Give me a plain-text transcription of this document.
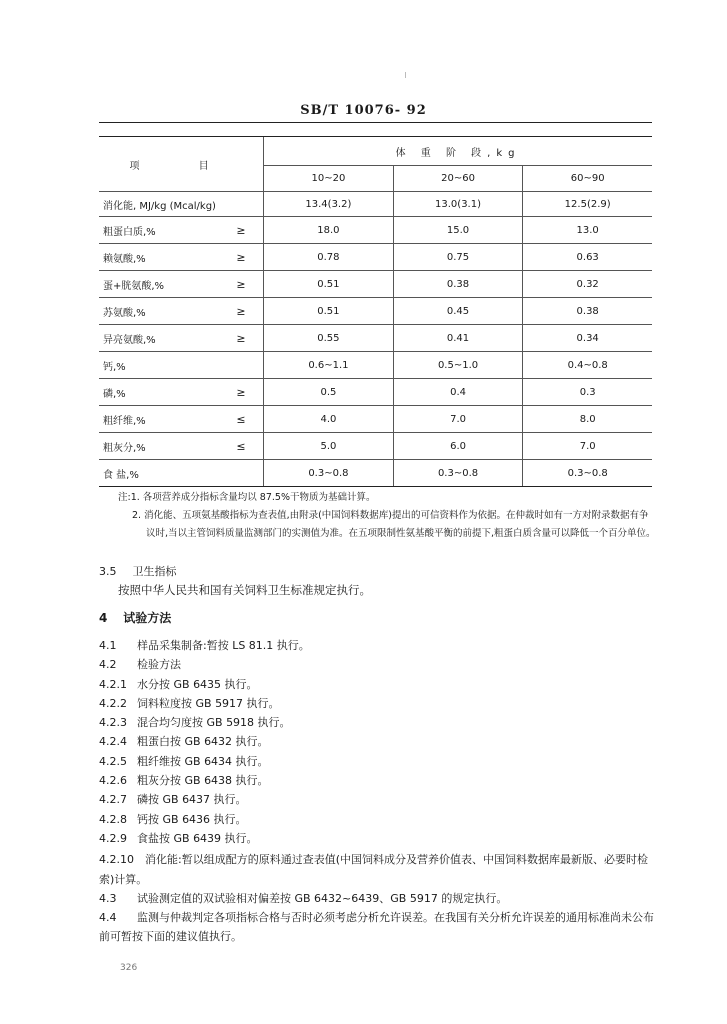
SB/T 10076- 92
项 目		体 重 阶 段,kg		
		10~20	20~60	60~90
消化能, MJ/kg (Mcal/kg)		13.4(3.2)	13.0(3.1)	12.5(2.9)
粗蛋白质,%	≥	18.0	15.0	13.0
赖氨酸,%	≥	0.78	0.75	0.63
蛋+胱氨酸,%	≥	0.51	0.38	0.32
苏氨酸,%	≥	0.51	0.45	0.38
异亮氨酸,%	≥	0.55	0.41	0.34
钙,%		0.6~1.1	0.5~1.0	0.4~0.8
磷,%	≥	0.5	0.4	0.3
粗纤维,%	≤	4.0	7.0	8.0
粗灰分,%	≤	5.0	6.0	7.0
食 盐,%		0.3~0.8	0.3~0.8	0.3~0.8
注:1. 各项营养成分指标含量均以 87.5%干物质为基础计算。
2. 消化能、五项氨基酸指标为查表值,由附录(中国饲料数据库)提出的可信资料作为依据。在仲裁时如有一方对附录数据有争议时,当以主管饲料质量监测部门的实测值为准。在五项限制性氨基酸平衡的前提下,粗蛋白质含量可以降低一个百分单位。
3.5 卫生指标
按照中华人民共和国有关饲料卫生标准规定执行。
4 试验方法
4.1 样品采集制备:暂按 LS 81.1 执行。
4.2 检验方法
4.2.1 水分按 GB 6435 执行。
4.2.2 饲料粒度按 GB 5917 执行。
4.2.3 混合均匀度按 GB 5918 执行。
4.2.4 粗蛋白按 GB 6432 执行。
4.2.5 粗纤维按 GB 6434 执行。
4.2.6 粗灰分按 GB 6438 执行。
4.2.7 磷按 GB 6437 执行。
4.2.8 钙按 GB 6436 执行。
4.2.9 食盐按 GB 6439 执行。
4.2.10 消化能:暂以组成配方的原料通过查表值(中国饲料成分及营养价值表、中国饲料数据库最新版、必要时检索)计算。
4.3 试验测定值的双试验相对偏差按 GB 6432~6439、GB 5917 的规定执行。
4.4 监测与仲裁判定各项指标合格与否时必须考虑分析允许误差。在我国有关分析允许误差的通用标准尚未公布前可暂按下面的建议值执行。
326
